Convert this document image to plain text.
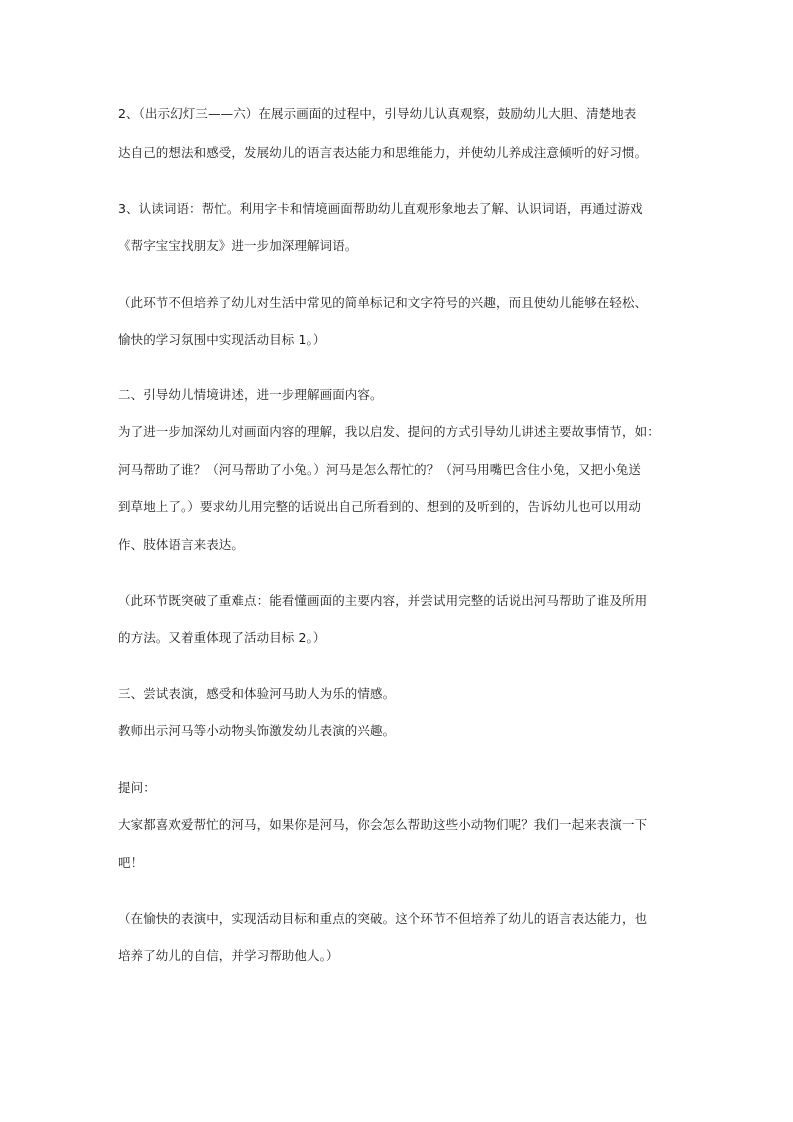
2、（出示幻灯三——六）在展示画面的过程中，引导幼儿认真观察，鼓励幼儿大胆、清楚地表
达自己的想法和感受，发展幼儿的语言表达能力和思维能力，并使幼儿养成注意倾听的好习惯。
3、认读词语：帮忙。利用字卡和情境画面帮助幼儿直观形象地去了解、认识词语，再通过游戏
《帮字宝宝找朋友》进一步加深理解词语。
（此环节不但培养了幼儿对生活中常见的简单标记和文字符号的兴趣，而且使幼儿能够在轻松、
愉快的学习氛围中实现活动目标 1。）
二、引导幼儿情境讲述，进一步理解画面内容。
为了进一步加深幼儿对画面内容的理解，我以启发、提问的方式引导幼儿讲述主要故事情节，如：
河马帮助了谁？（河马帮助了小兔。）河马是怎么帮忙的？（河马用嘴巴含住小兔，又把小兔送
到草地上了。）要求幼儿用完整的话说出自己所看到的、想到的及听到的，告诉幼儿也可以用动
作、肢体语言来表达。
（此环节既突破了重难点：能看懂画面的主要内容，并尝试用完整的话说出河马帮助了谁及所用
的方法。又着重体现了活动目标 2。）
三、尝试表演，感受和体验河马助人为乐的情感。
教师出示河马等小动物头饰激发幼儿表演的兴趣。
提问：
大家都喜欢爱帮忙的河马，如果你是河马，你会怎么帮助这些小动物们呢？我们一起来表演一下
吧！
（在愉快的表演中，实现活动目标和重点的突破。这个环节不但培养了幼儿的语言表达能力，也
培养了幼儿的自信，并学习帮助他人。）
